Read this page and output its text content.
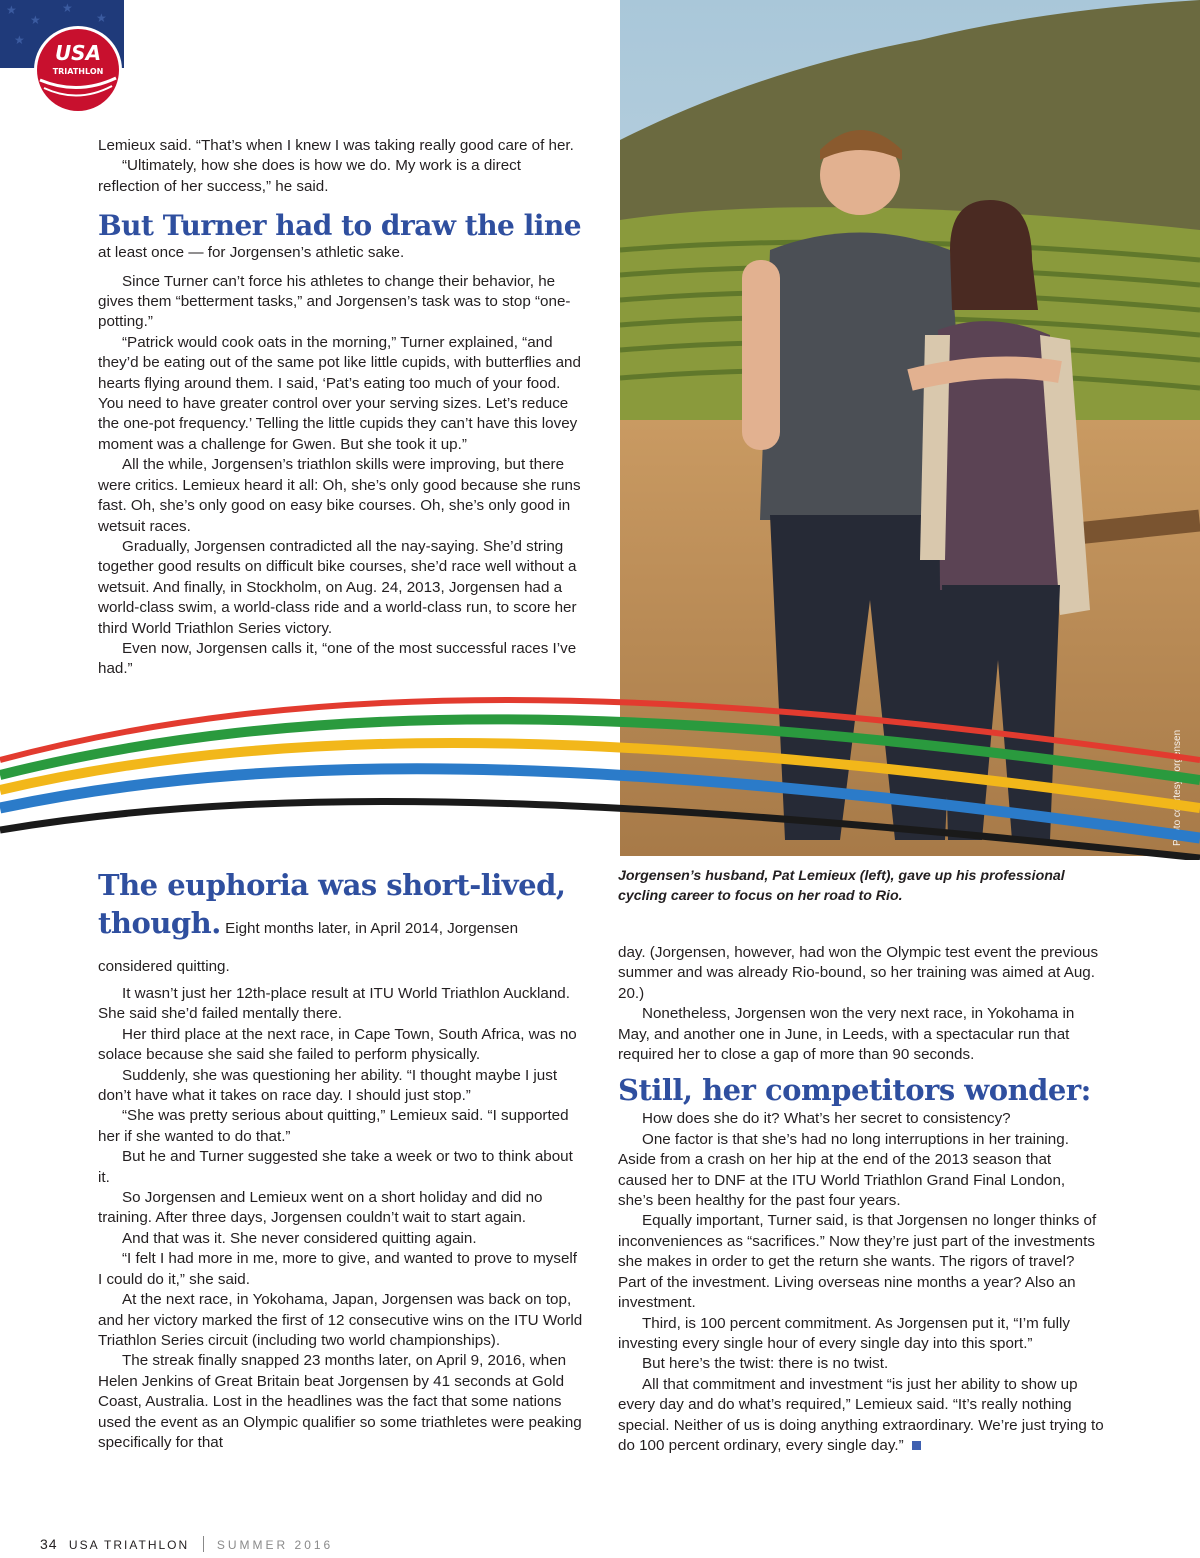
★
★
★
★
★
USA
TRIATHLON
Photo courtesy Jorgensen

Lemieux said. “That’s when I knew I was taking really good care of her.

“Ultimately, how she does is how we do. My work is a direct reflection of her success,” he said.

But Turner had to draw the line at least once — for Jorgensen’s athletic sake.

Since Turner can’t force his athletes to change their behavior, he gives them “betterment tasks,” and Jorgensen’s task was to stop “one-potting.”

“Patrick would cook oats in the morning,” Turner explained, “and they’d be eating out of the same pot like little cupids, with butterflies and hearts flying around them. I said, ‘Pat’s eating too much of your food. You need to have greater control over your serving sizes. Let’s reduce the one-pot frequency.’ Telling the little cupids they can’t have this lovey moment was a challenge for Gwen. But she took it up.”

All the while, Jorgensen’s triathlon skills were improving, but there were critics. Lemieux heard it all: Oh, she’s only good because she runs fast. Oh, she’s only good on easy bike courses. Oh, she’s only good in wetsuit races.

Gradually, Jorgensen contradicted all the nay-saying. She’d string together good results on difficult bike courses, she’d race well without a wetsuit. And finally, in Stockholm, on Aug. 24, 2013, Jorgensen had a world-class swim, a world-class ride and a world-class run, to score her third World Triathlon Series victory.

Even now, Jorgensen calls it, “one of the most successful races I’ve had.”

Jorgensen’s husband, Pat Lemieux (left), gave up his professional cycling career to focus on her road to Rio.
The euphoria was short-lived, though. Eight months later, in April 2014, Jorgensen considered quitting.

It wasn’t just her 12th-place result at ITU World Triathlon Auckland. She said she’d failed mentally there.

Her third place at the next race, in Cape Town, South Africa, was no solace because she said she failed to perform physically.

Suddenly, she was questioning her ability. “I thought maybe I just don’t have what it takes on race day. I should just stop.”

“She was pretty serious about quitting,” Lemieux said. “I supported her if she wanted to do that.”

But he and Turner suggested she take a week or two to think about it.

So Jorgensen and Lemieux went on a short holiday and did no training. After three days, Jorgensen couldn’t wait to start again.

And that was it. She never considered quitting again.

“I felt I had more in me, more to give, and wanted to prove to myself I could do it,” she said.

At the next race, in Yokohama, Japan, Jorgensen was back on top, and her victory marked the first of 12 consecutive wins on the ITU World Triathlon Series circuit (including two world championships).

The streak finally snapped 23 months later, on April 9, 2016, when Helen Jenkins of Great Britain beat Jorgensen by 41 seconds at Gold Coast, Australia. Lost in the headlines was the fact that some nations used the event as an Olympic qualifier so some triathletes were peaking specifically for that

day. (Jorgensen, however, had won the Olympic test event the previous summer and was already Rio-bound, so her training was aimed at Aug. 20.)

Nonetheless, Jorgensen won the very next race, in Yokohama in May, and another one in June, in Leeds, with a spectacular run that required her to close a gap of more than 90 seconds.

Still, her competitors wonder:

How does she do it? What’s her secret to consistency?

One factor is that she’s had no long interruptions in her training. Aside from a crash on her hip at the end of the 2013 season that caused her to DNF at the ITU World Triathlon Grand Final London, she’s been healthy for the past four years.

Equally important, Turner said, is that Jorgensen no longer thinks of inconveniences as “sacrifices.” Now they’re just part of the investments she makes in order to get the return she wants. The rigors of travel? Part of the investment. Living overseas nine months a year? Also an investment.

Third, is 100 percent commitment. As Jorgensen put it, “I’m fully investing every single hour of every single day into this sport.”

But here’s the twist: there is no twist.

All that commitment and investment “is just her ability to show up every day and do what’s required,” Lemieux said. “It’s really nothing special. Neither of us is doing anything extraordinary. We’re just trying to do 100 percent ordinary, every single day.”

34 USA TRIATHLON SUMMER 2016
